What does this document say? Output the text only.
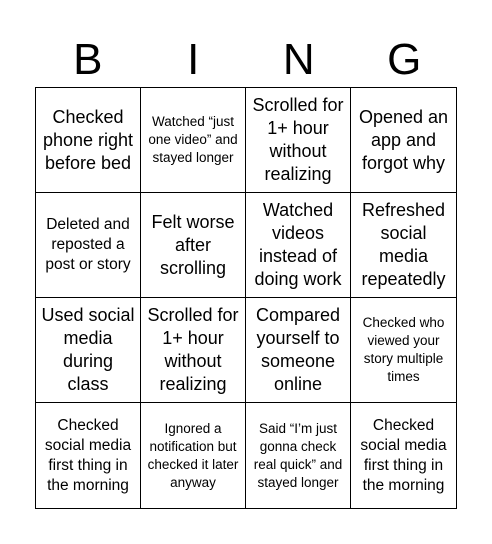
B	I	N	G
Checked phone right before bed
Watched “just one video” and stayed longer
Scrolled for 1+ hour without realizing
Opened an app and forgot why
Deleted and reposted a post or story
Felt worse after scrolling
Watched videos instead of doing work
Refreshed social media repeatedly
Used social media during class
Scrolled for 1+ hour without realizing
Compared yourself to someone online
Checked who viewed your story multiple times
Checked social media first thing in the morning
Ignored a notification but checked it later anyway
Said “I’m just gonna check real quick” and stayed longer
Checked social media first thing in the morning
